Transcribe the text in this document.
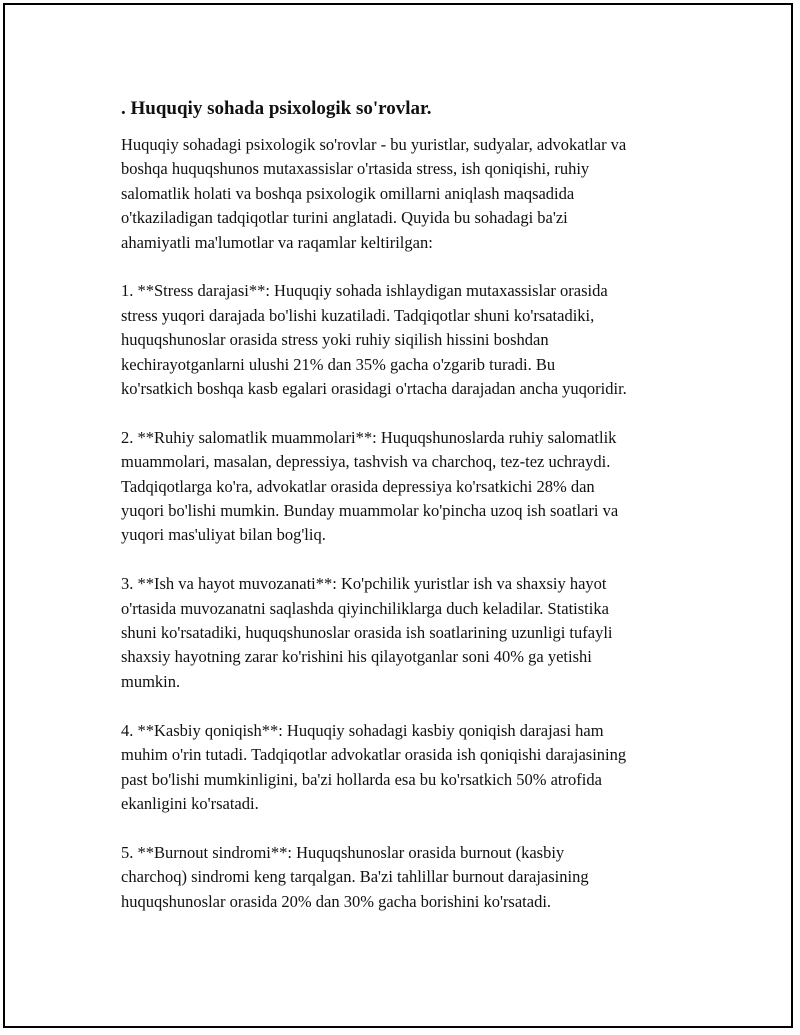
. Huquqiy sohada psixologik so'rovlar.
Huquqiy sohadagi psixologik so'rovlar - bu yuristlar, sudyalar, advokatlar va
boshqa huquqshunos mutaxassislar o'rtasida stress, ish qoniqishi, ruhiy
salomatlik holati va boshqa psixologik omillarni aniqlash maqsadida
o'tkaziladigan tadqiqotlar turini anglatadi. Quyida bu sohadagi ba'zi
ahamiyatli ma'lumotlar va raqamlar keltirilgan:
1. **Stress darajasi**: Huquqiy sohada ishlaydigan mutaxassislar orasida
stress yuqori darajada bo'lishi kuzatiladi. Tadqiqotlar shuni ko'rsatadiki,
huquqshunoslar orasida stress yoki ruhiy siqilish hissini boshdan
kechirayotganlarni ulushi 21% dan 35% gacha o'zgarib turadi. Bu
ko'rsatkich boshqa kasb egalari orasidagi o'rtacha darajadan ancha yuqoridir.
2. **Ruhiy salomatlik muammolari**: Huquqshunoslarda ruhiy salomatlik
muammolari, masalan, depressiya, tashvish va charchoq, tez-tez uchraydi.
Tadqiqotlarga ko'ra, advokatlar orasida depressiya ko'rsatkichi 28% dan
yuqori bo'lishi mumkin. Bunday muammolar ko'pincha uzoq ish soatlari va
yuqori mas'uliyat bilan bog'liq.
3. **Ish va hayot muvozanati**: Ko'pchilik yuristlar ish va shaxsiy hayot
o'rtasida muvozanatni saqlashda qiyinchiliklarga duch keladilar. Statistika
shuni ko'rsatadiki, huquqshunoslar orasida ish soatlarining uzunligi tufayli
shaxsiy hayotning zarar ko'rishini his qilayotganlar soni 40% ga yetishi
mumkin.
4. **Kasbiy qoniqish**: Huquqiy sohadagi kasbiy qoniqish darajasi ham
muhim o'rin tutadi. Tadqiqotlar advokatlar orasida ish qoniqishi darajasining
past bo'lishi mumkinligini, ba'zi hollarda esa bu ko'rsatkich 50% atrofida
ekanligini ko'rsatadi.
5. **Burnout sindromi**: Huquqshunoslar orasida burnout (kasbiy
charchoq) sindromi keng tarqalgan. Ba'zi tahlillar burnout darajasining
huquqshunoslar orasida 20% dan 30% gacha borishini ko'rsatadi.
